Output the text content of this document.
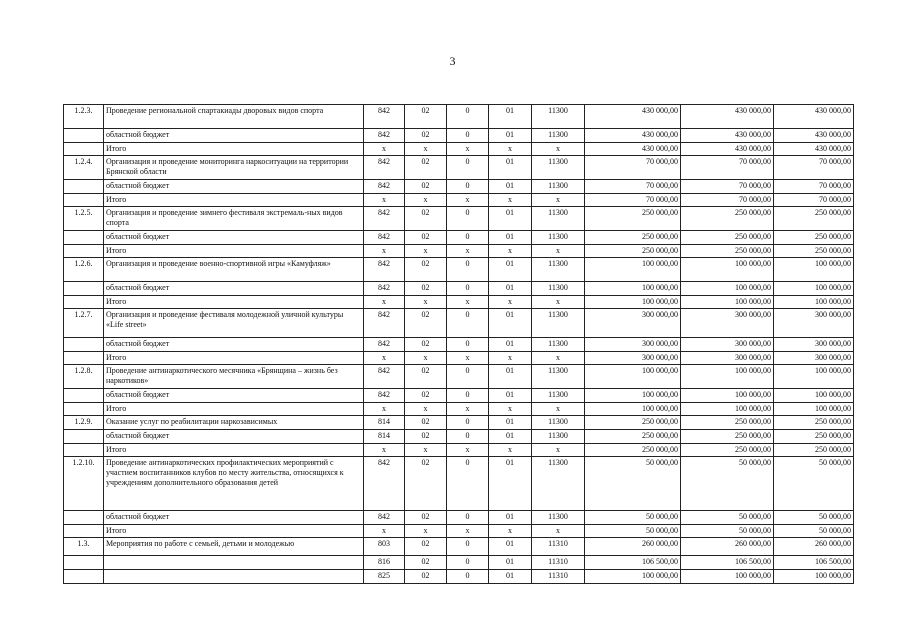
3
1.2.3.	Проведение региональной спартакиады дворовых видов спорта	842	02	0	01	11300	430 000,00	430 000,00	430 000,00
	областной бюджет	842	02	0	01	11300	430 000,00	430 000,00	430 000,00
	Итого	x	x	x	x	x	430 000,00	430 000,00	430 000,00
1.2.4.	Организация и проведение мониторинга наркоситуации на территории Брянской области	842	02	0	01	11300	70 000,00	70 000,00	70 000,00
	областной бюджет	842	02	0	01	11300	70 000,00	70 000,00	70 000,00
	Итого	x	x	x	x	x	70 000,00	70 000,00	70 000,00
1.2.5.	Организация и проведение зимнего фестиваля экстремаль-ных видов спорта	842	02	0	01	11300	250 000,00	250 000,00	250 000,00
	областной бюджет	842	02	0	01	11300	250 000,00	250 000,00	250 000,00
	Итого	x	x	x	x	x	250 000,00	250 000,00	250 000,00
1.2.6.	Организация и проведение военно-спортивной игры «Камуфляж»	842	02	0	01	11300	100 000,00	100 000,00	100 000,00
	областной бюджет	842	02	0	01	11300	100 000,00	100 000,00	100 000,00
	Итого	x	x	x	x	x	100 000,00	100 000,00	100 000,00
1.2.7.	Организация и проведение фестиваля молодежной уличной культуры «Life street»	842	02	0	01	11300	300 000,00	300 000,00	300 000,00
	областной бюджет	842	02	0	01	11300	300 000,00	300 000,00	300 000,00
	Итого	x	x	x	x	x	300 000,00	300 000,00	300 000,00
1.2.8.	Проведение антинаркотического месячника «Брянщина – жизнь без наркотиков»	842	02	0	01	11300	100 000,00	100 000,00	100 000,00
	областной бюджет	842	02	0	01	11300	100 000,00	100 000,00	100 000,00
	Итого	x	x	x	x	x	100 000,00	100 000,00	100 000,00
1.2.9.	Оказание услуг по реабилитации наркозависимых	814	02	0	01	11300	250 000,00	250 000,00	250 000,00
	областной бюджет	814	02	0	01	11300	250 000,00	250 000,00	250 000,00
	Итого	x	x	x	x	x	250 000,00	250 000,00	250 000,00
1.2.10.	Проведение антинаркотических профилактических мероприятий с участием воспитанников клубов по месту жительства, относящихся к учреждениям дополнительного образования детей	842	02	0	01	11300	50 000,00	50 000,00	50 000,00
	областной бюджет	842	02	0	01	11300	50 000,00	50 000,00	50 000,00
	Итого	x	x	x	x	x	50 000,00	50 000,00	50 000,00
1.3.	Мероприятия по работе с семьей, детьми и молодежью	803	02	0	01	11310	260 000,00	260 000,00	260 000,00
		816	02	0	01	11310	106 500,00	106 500,00	106 500,00
		825	02	0	01	11310	100 000,00	100 000,00	100 000,00
